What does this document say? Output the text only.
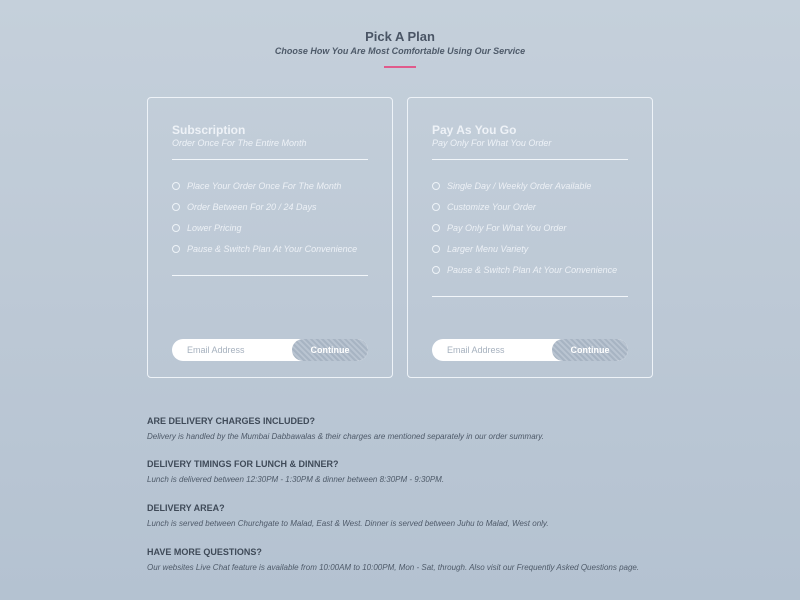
Pick A Plan
Choose How You Are Most Comfortable Using Our Service
Subscription
Order Once For The Entire Month
Place Your Order Once For The Month
Order Between For 20 / 24 Days
Lower Pricing
Pause & Switch Plan At Your Convenience
Email Address
Continue
Pay As You Go
Pay Only For What You Order
Single Day / Weekly Order Available
Customize Your Order
Pay Only For What You Order
Larger Menu Variety
Pause & Switch Plan At Your Convenience
Email Address
Continue
ARE DELIVERY CHARGES INCLUDED?
Delivery is handled by the Mumbai Dabbawalas & their charges are mentioned separately in our order summary.
DELIVERY TIMINGS FOR LUNCH & DINNER?
Lunch is delivered between 12:30PM - 1:30PM & dinner between 8:30PM - 9:30PM.
DELIVERY AREA?
Lunch is served between Churchgate to Malad, East & West. Dinner is served between Juhu to Malad, West only.
HAVE MORE QUESTIONS?
Our websites Live Chat feature is available from 10:00AM to 10:00PM, Mon - Sat, through. Also visit our Frequently Asked Questions page.
